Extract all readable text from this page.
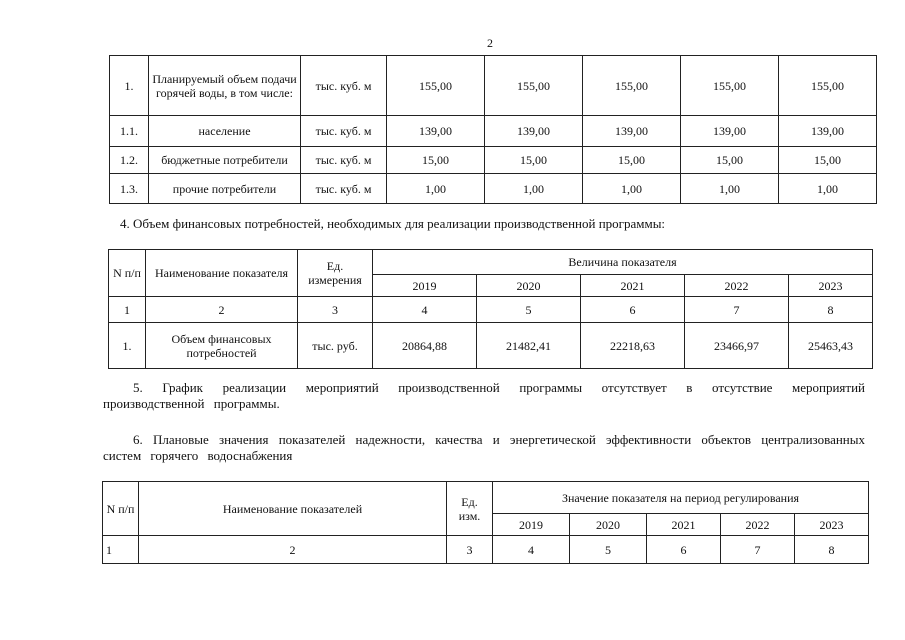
2
1.	Планируемый объем подачи горячей воды, в том числе:	тыс. куб. м	155,00	155,00	155,00	155,00	155,00
1.1.	население	тыс. куб. м	139,00	139,00	139,00	139,00	139,00
1.2.	бюджетные потребители	тыс. куб. м	15,00	15,00	15,00	15,00	15,00
1.3.	прочие потребители	тыс. куб. м	1,00	1,00	1,00	1,00	1,00
4. Объем финансовых потребностей, необходимых для реализации производственной программы:
N п/п	Наименование показателя	Ед. измерения	Величина показателя				
			2019	2020	2021	2022	2023
1	2	3	4	5	6	7	8
1.	Объем финансовых потребностей	тыс. руб.	20864,88	21482,41	22218,63	23466,97	25463,43
5. График реализации мероприятий производственной программы отсутствует в отсутствие мероприятий производственной программы.
6. Плановые значения показателей надежности, качества и энергетической эффективности объектов централизованных систем горячего водоснабжения
N п/п	Наименование показателей	Ед. изм.	Значение показателя на период регулирования				
			2019	2020	2021	2022	2023
1	2	3	4	5	6	7	8
